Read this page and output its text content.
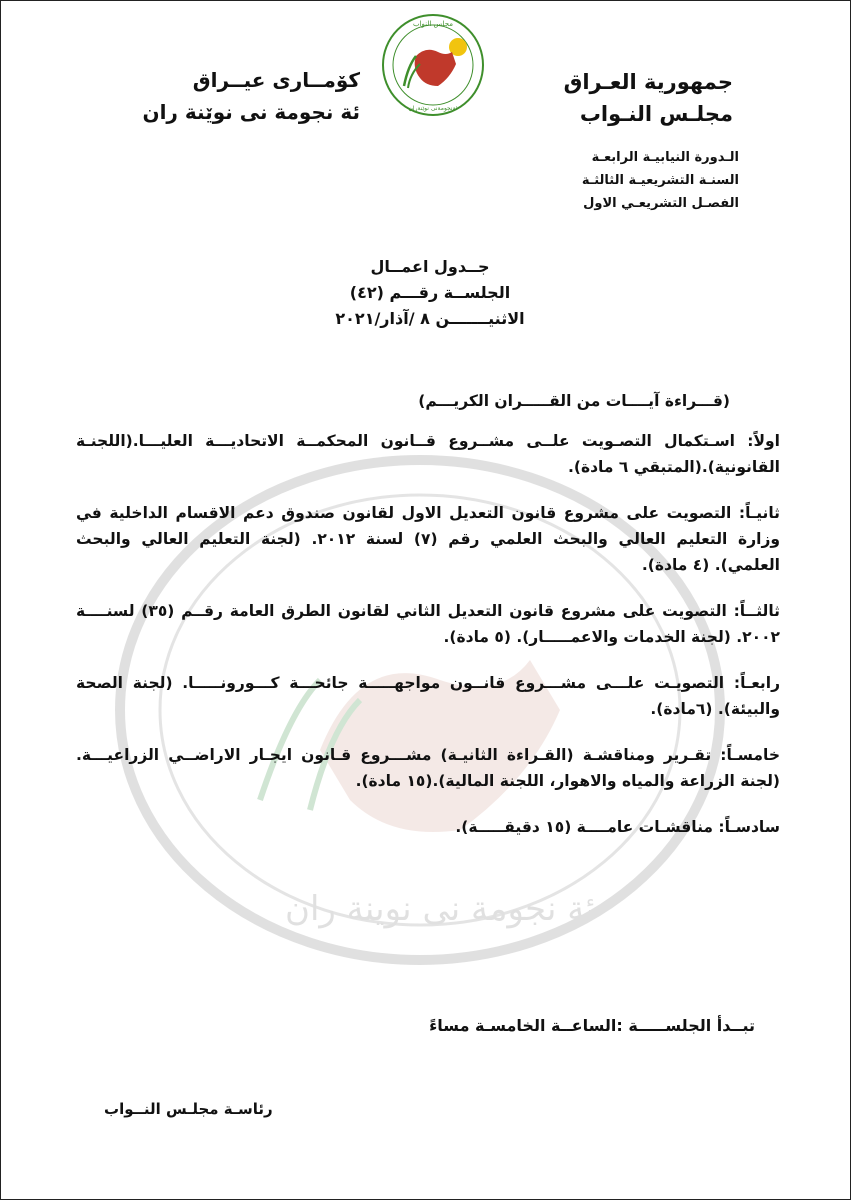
ئة نجومة نى نوينة ران
جمهورية العـراق
مجلـس النـواب
كۆمــارى عيــراق
ئة نجومة نى نوێنة ران
مجلس النواب
ئةنجومةنى نوێنةران
الـدورة النيابيـة الرابعـة
السنـة التشريعيـة الثالثـة
الفصـل التشريعـي الاول
جــدول اعمــال
الجلســة رقـــم (٤٢)
الاثنيـــــــن ٨ /آذار/٢٠٢١
(قـــراءة آيــــات من القـــــران الكريـــم)
اولاً: اسـتكمال التصـويت علــى مشــروع قــانون المحكمــة الاتحاديـــة العليـــا.(اللجنـة القانونية).(المتبقي ٦ مادة).
ثانيـاً: التصويت على مشروع قانون التعديل الاول لقانون صندوق دعم الاقسام الداخلية في وزارة التعليم العالي والبحث العلمي رقم (٧) لسنة ٢٠١٢. (لجنة التعليم العالي والبحث العلمي). (٤ مادة).
ثالثــاً: التصويت على مشروع قانون التعديل الثاني لقانون الطرق العامة رقــم (٣٥) لسنــــة ٢٠٠٢. (لجنة الخدمات والاعمـــــار). (٥ مادة).
رابعـاً: التصويـت علـــى مشـــروع قانــون مواجهـــــة جائحـــة كـــورونـــــا. (لجنة الصحة والبيئة). (٦مادة).
خامسـاً: تقـرير ومناقشـة (القـراءة الثانيـة) مشـــروع قـانون ايجـار الاراضــي الزراعيـــة. (لجنة الزراعة والمياه والاهوار، اللجنة المالية).(١٥ مادة).
سادسـاً: مناقشـات عامــــة (١٥ دقيقـــــة).
تبــدأ الجلســـــة :الساعــة الخامسـة مساءً
رئاسـة مجلـس النــواب
